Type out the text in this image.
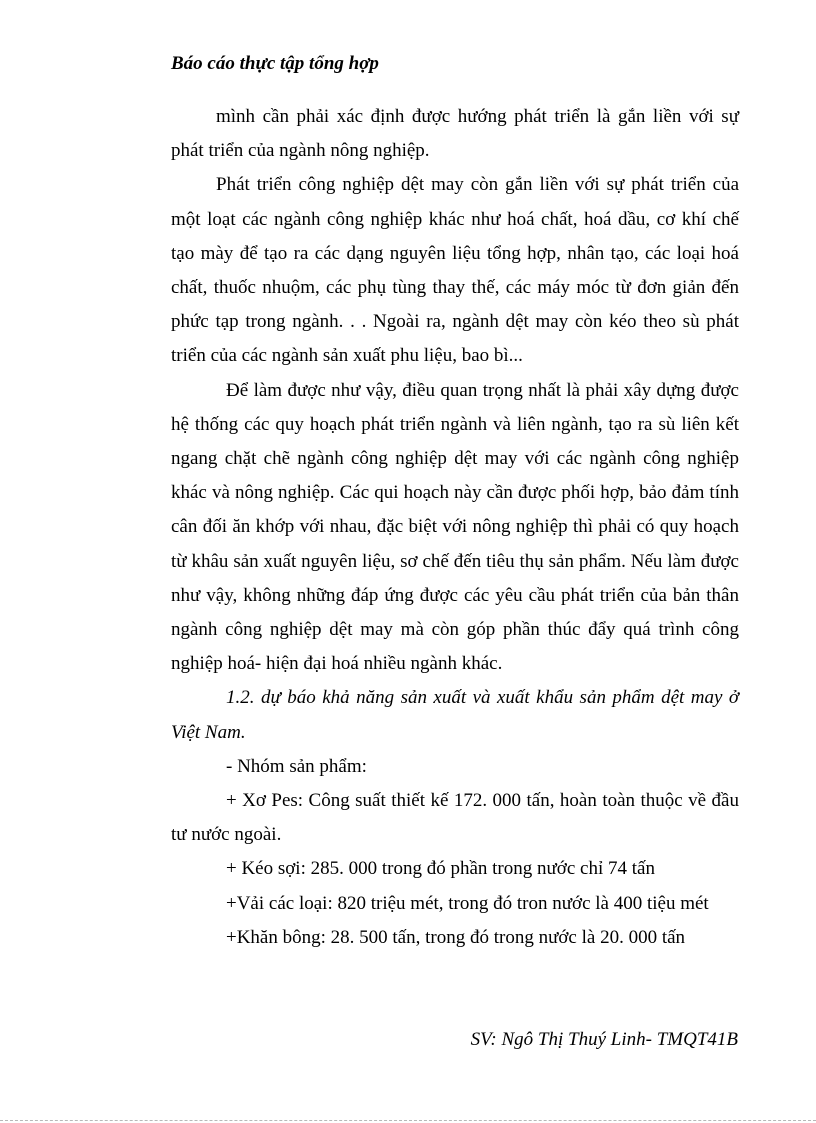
Báo cáo thực tập tổng hợp

mình cần phải xác định được hướng phát triển là gắn liền với sự phát triển của ngành nông nghiệp.

Phát triển công nghiệp dệt may còn gắn liền với sự phát triển của một loạt các ngành công nghiệp khác như hoá chất, hoá dầu, cơ khí chế tạo mày để tạo ra các dạng nguyên liệu tổng hợp, nhân tạo, các loại hoá chất, thuốc nhuộm, các phụ tùng thay thế, các máy móc từ đơn giản đến phức tạp trong ngành. . . Ngoài ra, ngành dệt may còn kéo theo sù phát triển của các ngành sản xuất phu liệu, bao bì...

Để làm được như vậy, điều quan trọng nhất là phải xây dựng được hệ thống các quy hoạch phát triển ngành và liên ngành, tạo ra sù liên kết ngang chặt chẽ ngành công nghiệp dệt may với các ngành công nghiệp khác và nông nghiệp. Các qui hoạch này cần được phối hợp, bảo đảm tính cân đối ăn khớp với nhau, đặc biệt với nông nghiệp thì phải có quy hoạch từ khâu sản xuất nguyên liệu, sơ chế đến tiêu thụ sản phẩm. Nếu làm được như vậy, không những đáp ứng được các yêu cầu phát triển của bản thân ngành công nghiệp dệt may mà còn góp phần thúc đẩy quá trình công nghiệp hoá- hiện đại hoá nhiều ngành khác.

1.2. dự báo khả năng sản xuất và xuất khẩu sản phẩm dệt may ở Việt Nam.

- Nhóm sản phẩm:

+ Xơ Pes: Công suất thiết kế 172. 000 tấn, hoàn toàn thuộc về đầu tư nước ngoài.

+ Kéo sợi: 285. 000 trong đó phần trong nước chỉ 74 tấn

+Vải các loại: 820 triệu mét, trong đó tron nước là 400 tiệu mét

+Khăn bông: 28. 500 tấn, trong đó trong nước là 20. 000 tấn

SV: Ngô Thị Thuý Linh- TMQT41B
